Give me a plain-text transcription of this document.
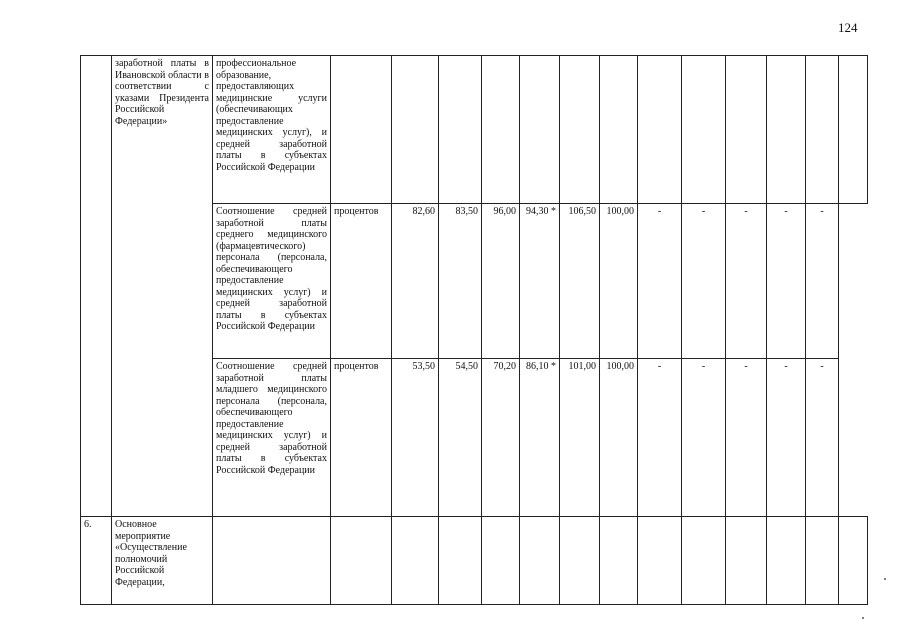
124
	заработной платы в Ивановской области в соответствии с указами Президента Российской Федерации»	профессиональное образование, предоставляющих медицинские услуги (обеспечивающих предоставление медицинских услуг), и средней заработной платы в субъектах Российской Федерации													
		Соотношение средней заработной платы среднего медицинского (фармацевтического) персонала (персонала, обеспечивающего предоставление медицинских услуг) и средней заработной платы в субъектах Российской Федерации	процентов	82,60	83,50	96,00	94,30 *	106,50	100,00	-	-	-	-	-	
		Соотношение средней заработной платы младшего медицинского персонала (персонала, обеспечивающего предоставление медицинских услуг) и средней заработной платы в субъектах Российской Федерации	процентов	53,50	54,50	70,20	86,10 *	101,00	100,00	-	-	-	-	-	
6.	Основное мероприятие «Осуществление полномочий Российской Федерации,														
